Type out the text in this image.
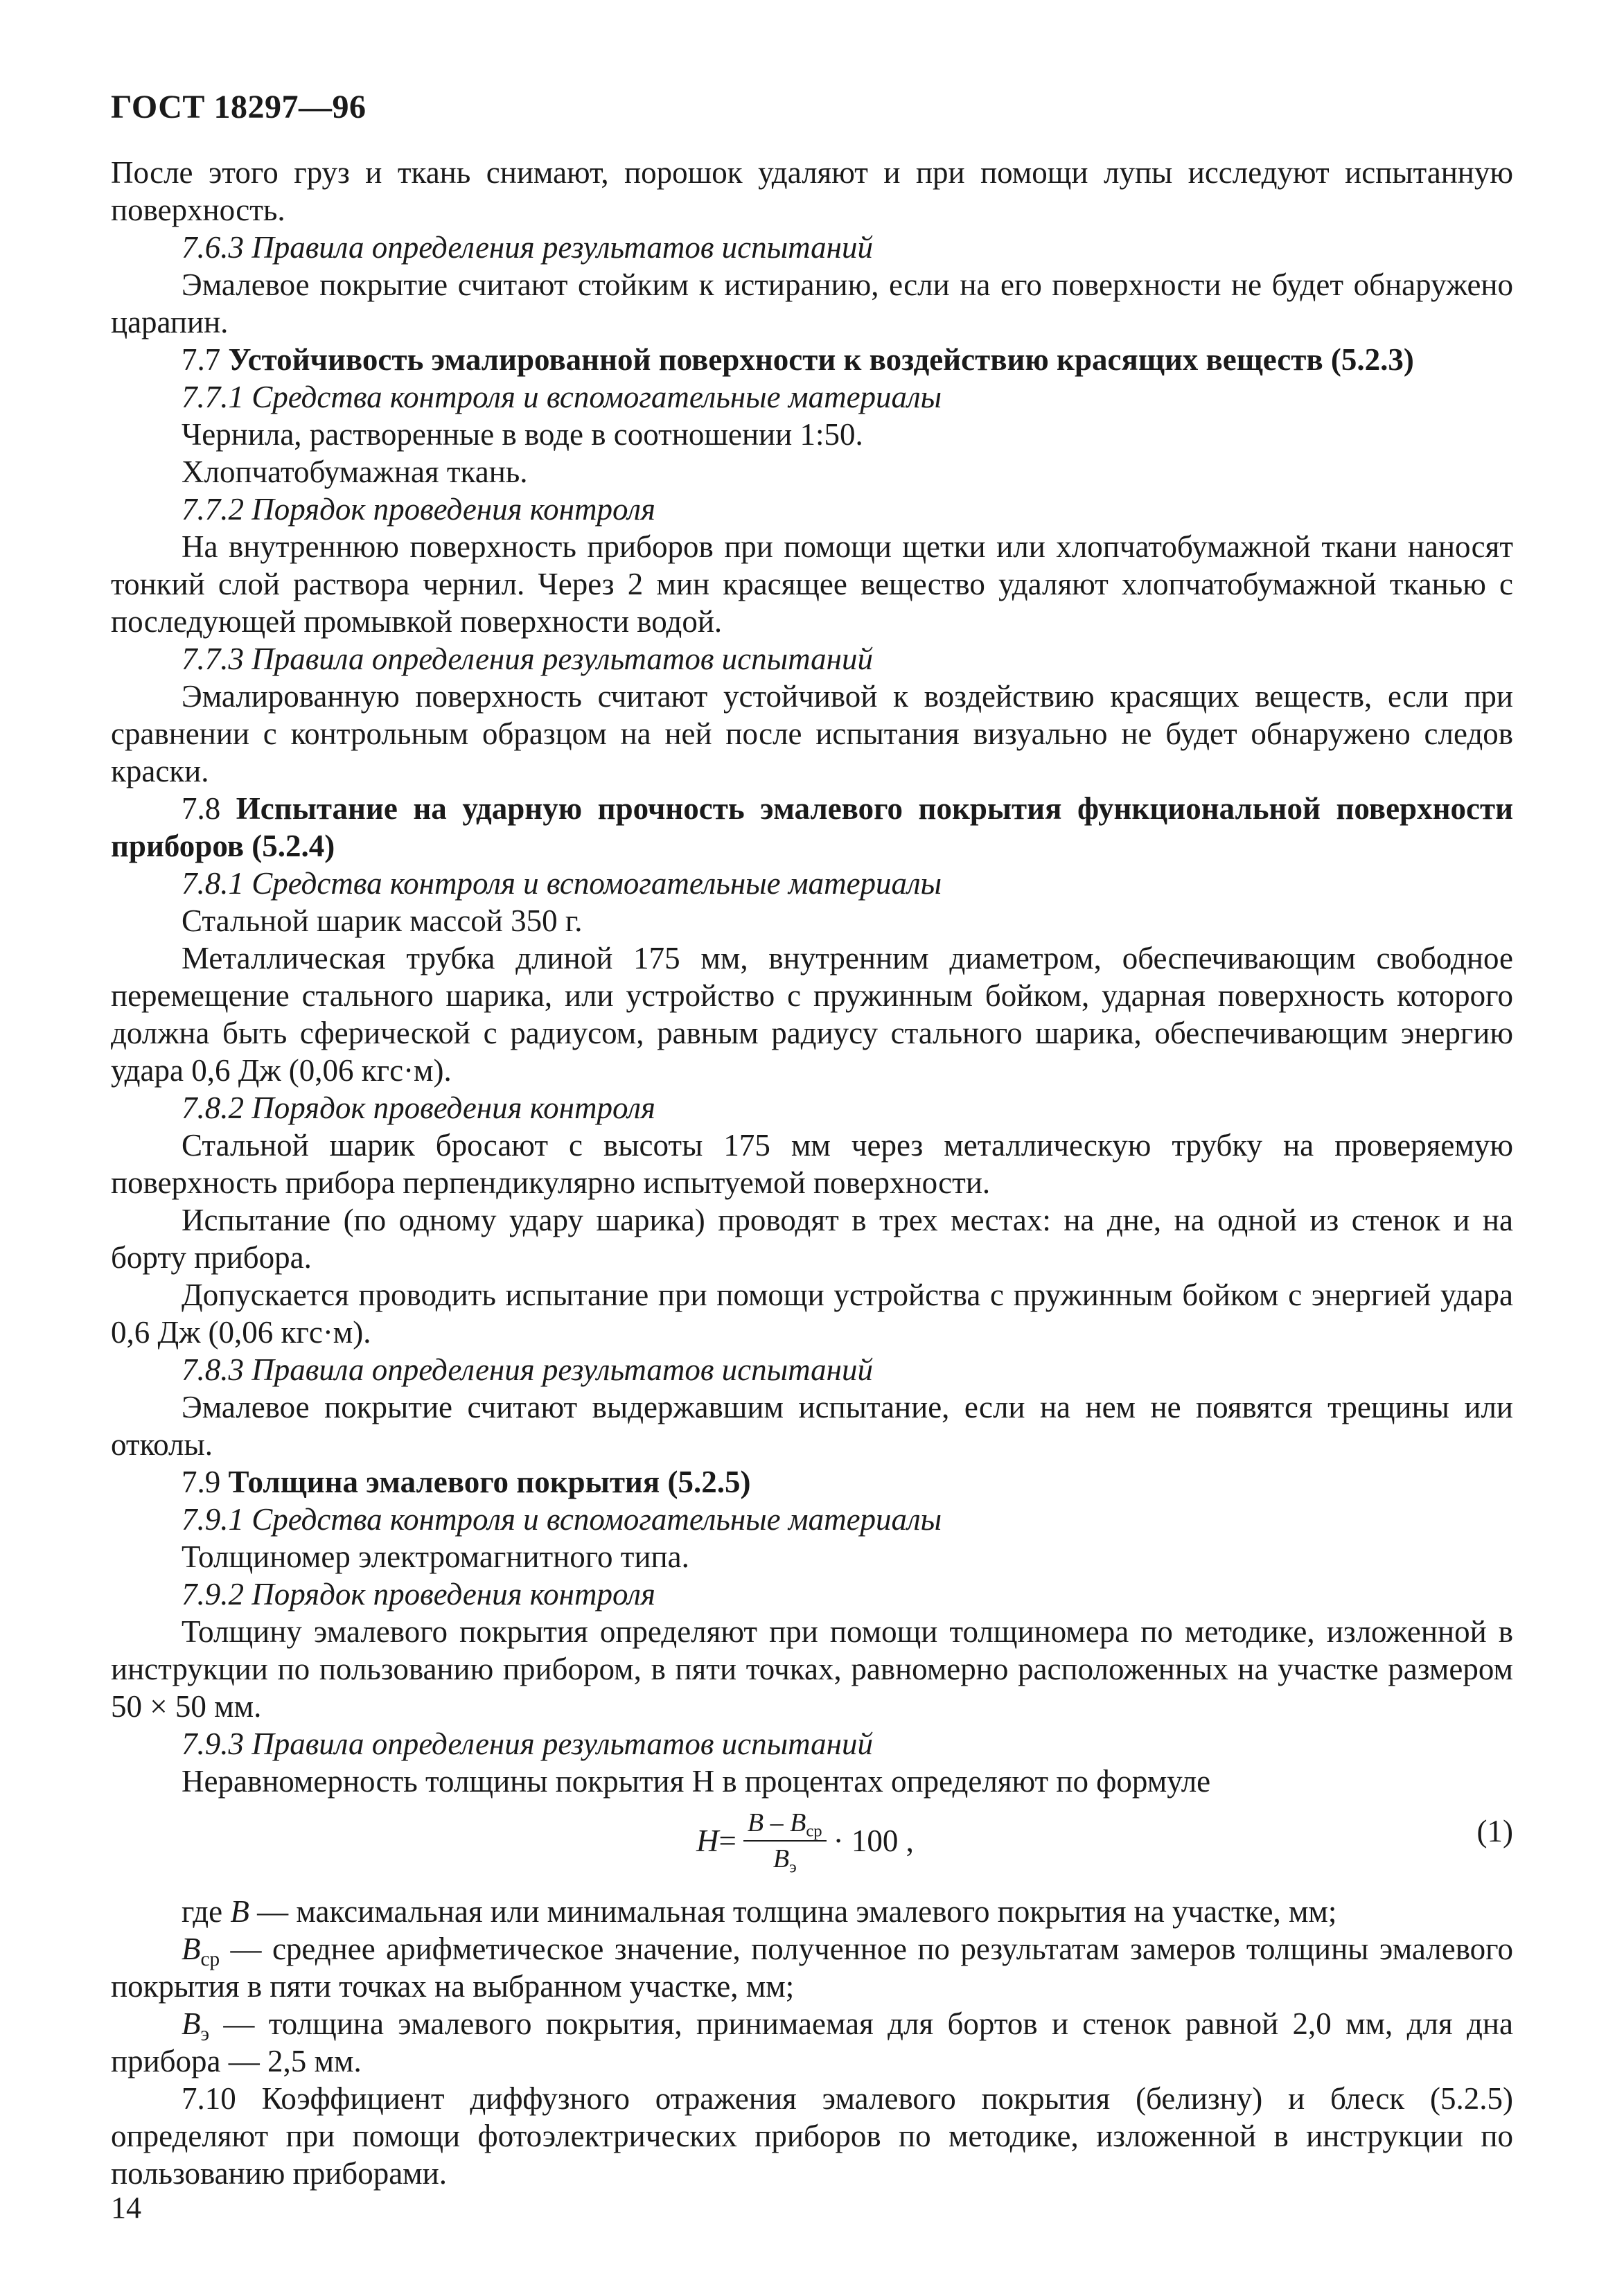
ГОСТ 18297—96

После этого груз и ткань снимают, порошок удаляют и при помощи лупы исследуют испытанную поверхность.

7.6.3 Правила определения результатов испытаний

Эмалевое покрытие считают стойким к истиранию, если на его поверхности не будет обнаружено царапин.

7.7 Устойчивость эмалированной поверхности к воздействию красящих веществ (5.2.3)

7.7.1 Средства контроля и вспомогательные материалы

Чернила, растворенные в воде в соотношении 1:50.

Хлопчатобумажная ткань.

7.7.2 Порядок проведения контроля

На внутреннюю поверхность приборов при помощи щетки или хлопчатобумажной ткани наносят тонкий слой раствора чернил. Через 2 мин красящее вещество удаляют хлопчатобумажной тканью с последующей промывкой поверхности водой.

7.7.3 Правила определения результатов испытаний

Эмалированную поверхность считают устойчивой к воздействию красящих веществ, если при сравнении с контрольным образцом на ней после испытания визуально не будет обнаружено следов краски.

7.8 Испытание на ударную прочность эмалевого покрытия функциональной поверхности приборов (5.2.4)

7.8.1 Средства контроля и вспомогательные материалы

Стальной шарик массой 350 г.

Металлическая трубка длиной 175 мм, внутренним диаметром, обеспечивающим свободное перемещение стального шарика, или устройство с пружинным бойком, ударная поверхность которого должна быть сферической с радиусом, равным радиусу стального шарика, обеспечивающим энергию удара 0,6 Дж (0,06 кгс·м).

7.8.2 Порядок проведения контроля

Стальной шарик бросают с высоты 175 мм через металлическую трубку на проверяемую поверхность прибора перпендикулярно испытуемой поверхности.

Испытание (по одному удару шарика) проводят в трех местах: на дне, на одной из стенок и на борту прибора.

Допускается проводить испытание при помощи устройства с пружинным бойком с энергией удара 0,6 Дж (0,06 кгс·м).

7.8.3 Правила определения результатов испытаний

Эмалевое покрытие считают выдержавшим испытание, если на нем не появятся трещины или отколы.

7.9 Толщина эмалевого покрытия (5.2.5)

7.9.1 Средства контроля и вспомогательные материалы

Толщиномер электромагнитного типа.

7.9.2 Порядок проведения контроля

Толщину эмалевого покрытия определяют при помощи толщиномера по методике, изложенной в инструкции по пользованию прибором, в пяти точках, равномерно расположенных на участке размером 50 × 50 мм.

7.9.3 Правила определения результатов испытаний

Неравномерность толщины покрытия H в процентах определяют по формуле

$H = \frac{B - B_{ср}}{B_э} \cdot 100$ ,	(1)

где B — максимальная или минимальная толщина эмалевого покрытия на участке, мм;

$B_{ср}$ — среднее арифметическое значение, полученное по результатам замеров толщины эмалевого покрытия в пяти точках на выбранном участке, мм;

$B_э$ — толщина эмалевого покрытия, принимаемая для бортов и стенок равной 2,0 мм, для дна прибора — 2,5 мм.

7.10 Коэффициент диффузного отражения эмалевого покрытия (белизну) и блеск (5.2.5) определяют при помощи фотоэлектрических приборов по методике, изложенной в инструкции по пользованию приборами.

14
